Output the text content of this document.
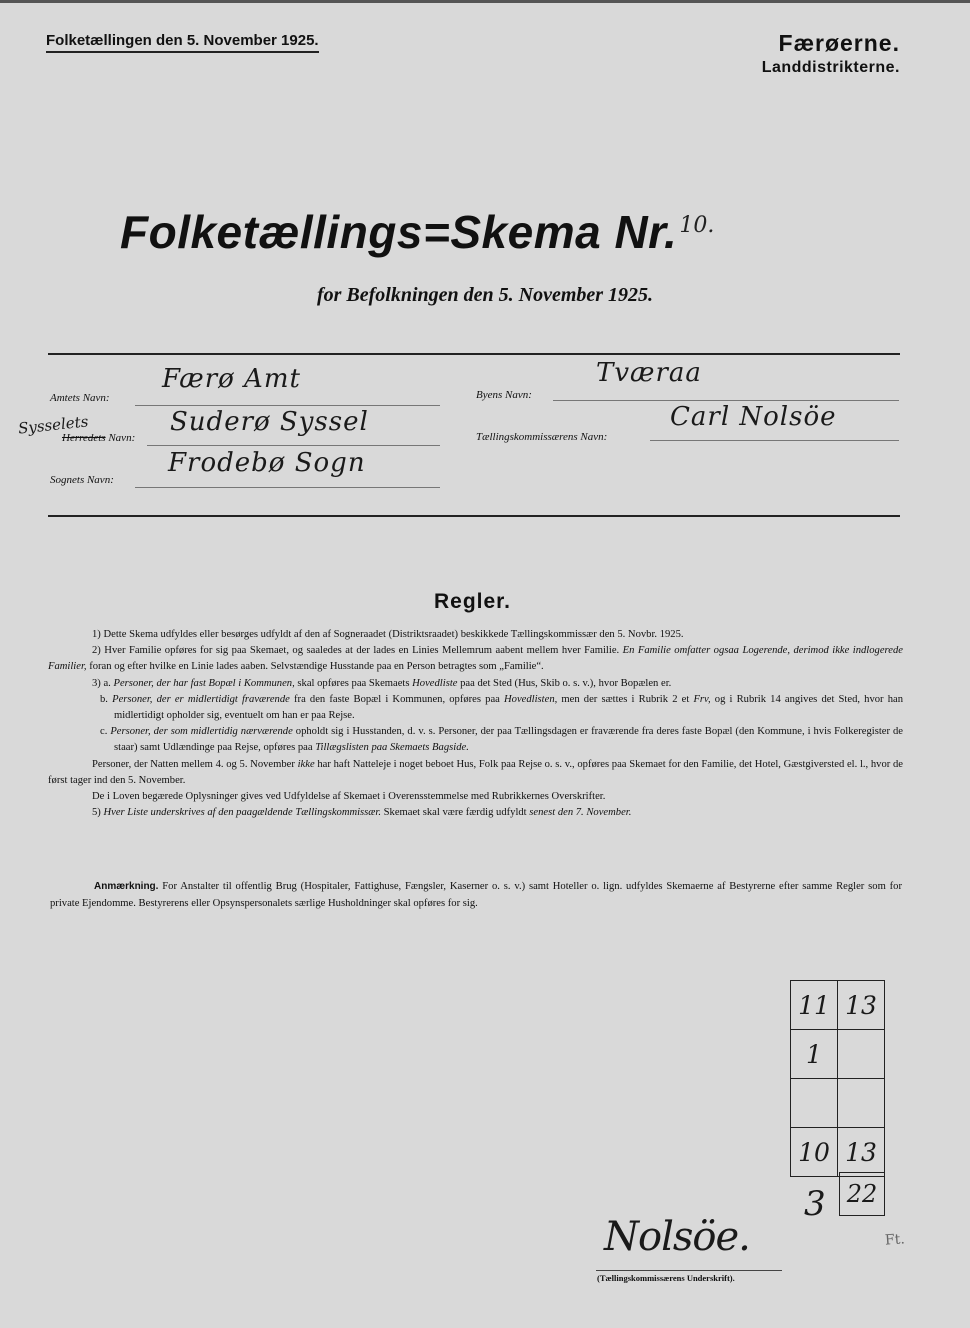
Folketællingen den 5. November 1925.	Færøerne.
Landdistrikterne.
Folketællings=Skema Nr.10.
for Befolkningen den 5. November 1925.
Amtets Navn:
Færø Amt
Sysselets
Herredets Navn:
Suderø Syssel
Sognets Navn:
Frodebø Sogn
Byens Navn:
Tværaa
Tællingskommissærens Navn:
Carl Nolsöe
Regler.

1) Dette Skema udfyldes eller besørges udfyldt af den af Sogneraadet (Distriktsraadet) beskikkede Tællingskommissær den 5. Novbr. 1925.

2) Hver Familie opføres for sig paa Skemaet, og saaledes at der lades en Linies Mellemrum aabent mellem hver Familie. En Familie omfatter ogsaa Logerende, derimod ikke indlogerede Familier, foran og efter hvilke en Linie lades aaben. Selvstændige Husstande paa en Person betragtes som „Familie“.

3) a. Personer, der har fast Bopæl i Kommunen, skal opføres paa Skemaets Hovedliste paa det Sted (Hus, Skib o. s. v.), hvor Bopælen er.

b. Personer, der er midlertidigt fraværende fra den faste Bopæl i Kommunen, opføres paa Hovedlisten, men der sættes i Rubrik 2 et Frv, og i Rubrik 14 angives det Sted, hvor han midlertidigt opholder sig, eventuelt om han er paa Rejse.

c. Personer, der som midlertidig nærværende opholdt sig i Husstanden, d. v. s. Personer, der paa Tællingsdagen er fraværende fra deres faste Bopæl (den Kommune, i hvis Folkeregister de staar) samt Udlændinge paa Rejse, opføres paa Tillægslisten paa Skemaets Bagside.

Personer, der Natten mellem 4. og 5. November ikke har haft Natteleje i noget beboet Hus, Folk paa Rejse o. s. v., opføres paa Skemaet for den Familie, det Hotel, Gæstgiversted el. l., hvor de først tager ind den 5. November.

De i Loven begærede Oplysninger gives ved Udfyldelse af Skemaet i Overensstemmelse med Rubrikkernes Overskrifter.

5) Hver Liste underskrives af den paagældende Tællingskommissær. Skemaet skal være færdig udfyldt senest den 7. November.

Anmærkning. For Anstalter til offentlig Brug (Hospitaler, Fattighuse, Fængsler, Kaserner o. s. v.) samt Hoteller o. lign. udfyldes Skemaerne af Bestyrerne efter samme Regler som for private Ejendomme. Bestyrerens eller Opsynspersonalets særlige Husholdninger skal opføres for sig.
11	13
1	

10	13
3 22
Nolsöe.
(Tællingskommissærens Underskrift).
Ft.
